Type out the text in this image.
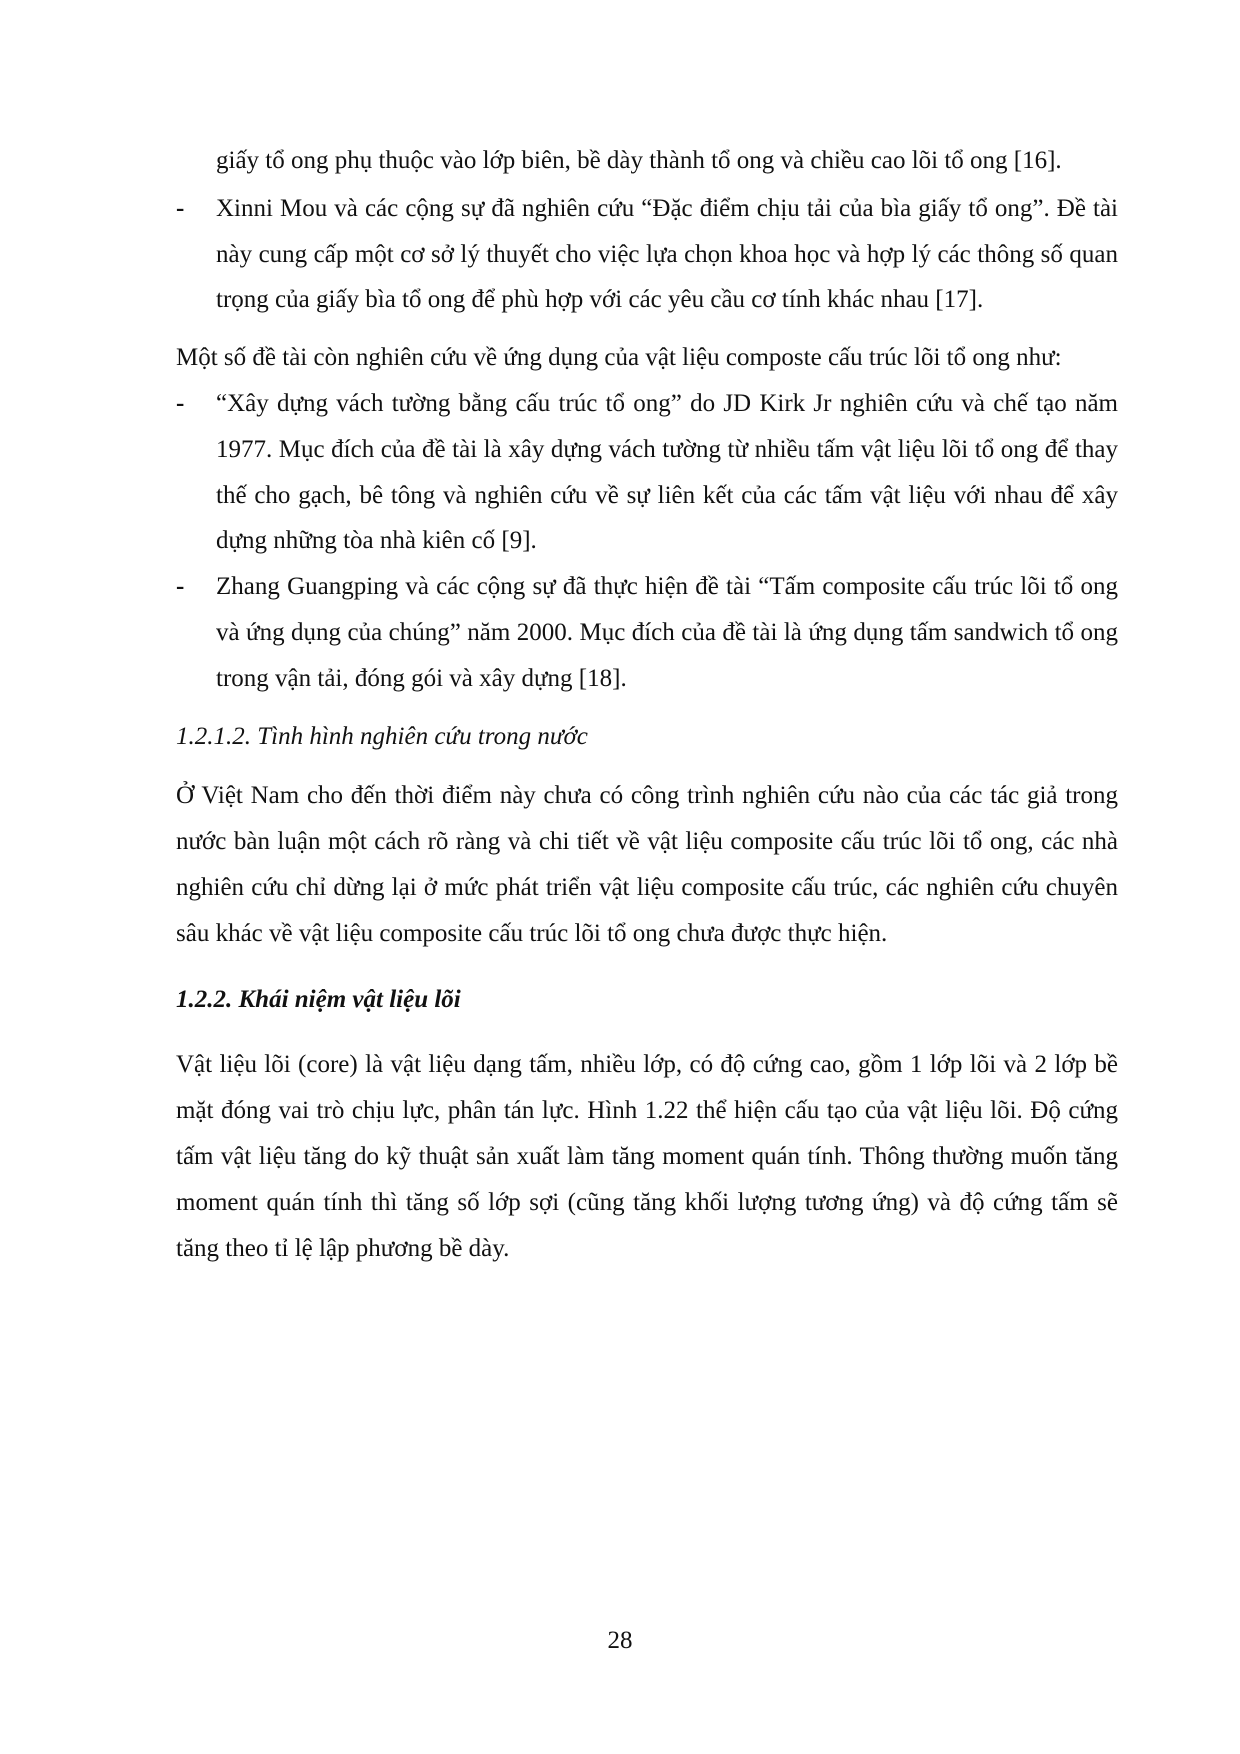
giấy tổ ong phụ thuộc vào lớp biên, bề dày thành tổ ong và chiều cao lõi tổ ong [16].
-	Xinni Mou và các cộng sự đã nghiên cứu “Đặc điểm chịu tải của bìa giấy tổ ong”. Đề tài này cung cấp một cơ sở lý thuyết cho việc lựa chọn khoa học và hợp lý các thông số quan trọng của giấy bìa tổ ong để phù hợp với các yêu cầu cơ tính khác nhau [17].
Một số đề tài còn nghiên cứu về ứng dụng của vật liệu composte cấu trúc lõi tổ ong như:
-	“Xây dựng vách tường bằng cấu trúc tổ ong” do JD Kirk Jr nghiên cứu và chế tạo năm 1977. Mục đích của đề tài là xây dựng vách tường từ nhiều tấm vật liệu lõi tổ ong để thay thế cho gạch, bê tông và nghiên cứu về sự liên kết của các tấm vật liệu với nhau để xây dựng những tòa nhà kiên cố [9].
-	Zhang Guangping và các cộng sự đã thực hiện đề tài “Tấm composite cấu trúc lõi tổ ong và ứng dụng của chúng” năm 2000. Mục đích của đề tài là ứng dụng tấm sandwich tổ ong trong vận tải, đóng gói và xây dựng [18].
1.2.1.2. Tình hình nghiên cứu trong nước
Ở Việt Nam cho đến thời điểm này chưa có công trình nghiên cứu nào của các tác giả trong nước bàn luận một cách rõ ràng và chi tiết về vật liệu composite cấu trúc lõi tổ ong, các nhà nghiên cứu chỉ dừng lại ở mức phát triển vật liệu composite cấu trúc, các nghiên cứu chuyên sâu khác về vật liệu composite cấu trúc lõi tổ ong chưa được thực hiện.
1.2.2. Khái niệm vật liệu lõi
Vật liệu lõi (core) là vật liệu dạng tấm, nhiều lớp, có độ cứng cao, gồm 1 lớp lõi và 2 lớp bề mặt đóng vai trò chịu lực, phân tán lực. Hình 1.22 thể hiện cấu tạo của vật liệu lõi. Độ cứng tấm vật liệu tăng do kỹ thuật sản xuất làm tăng moment quán tính. Thông thường muốn tăng moment quán tính thì tăng số lớp sợi (cũng tăng khối lượng tương ứng) và độ cứng tấm sẽ tăng theo tỉ lệ lập phương bề dày.
28
